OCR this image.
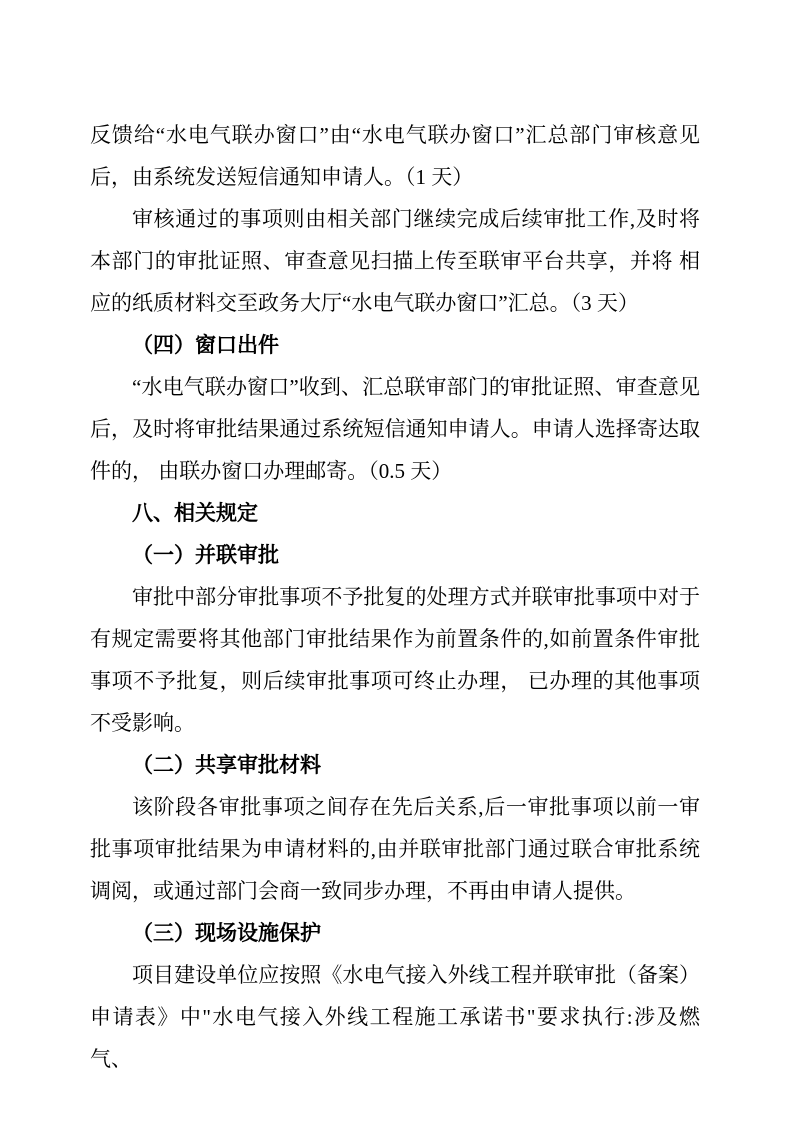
反馈给“水电气联办窗口”由“水电气联办窗口”汇总部门审核意见后，由系统发送短信通知申请人。（1 天）

审核通过的事项则由相关部门继续完成后续审批工作,及时将本部门的审批证照、审查意见扫描上传至联审平台共享，并将 相应的纸质材料交至政务大厅“水电气联办窗口”汇总。（3 天）

（四）窗口出件

“水电气联办窗口”收到、汇总联审部门的审批证照、审查意见后，及时将审批结果通过系统短信通知申请人。申请人选择寄达取件的， 由联办窗口办理邮寄。（0.5 天）

八、相关规定

（一）并联审批

审批中部分审批事项不予批复的处理方式并联审批事项中对于有规定需要将其他部门审批结果作为前置条件的,如前置条件审批事项不予批复，则后续审批事项可终止办理， 已办理的其他事项不受影响。

（二）共享审批材料

该阶段各审批事项之间存在先后关系,后一审批事项以前一审批事项审批结果为申请材料的,由并联审批部门通过联合审批系统调阅，或通过部门会商一致同步办理，不再由申请人提供。

（三）现场设施保护

项目建设单位应按照《水电气接入外线工程并联审批（备案）申请表》中"水电气接入外线工程施工承诺书"要求执行:涉及燃气、
